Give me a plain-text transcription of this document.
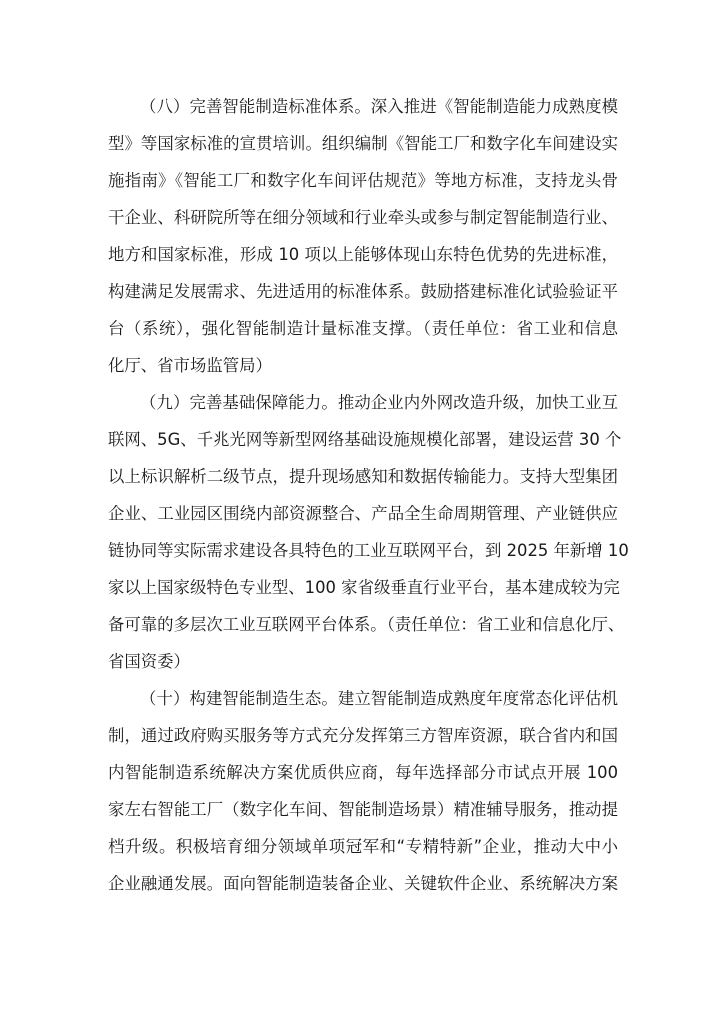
（八）完善智能制造标准体系。深入推进《智能制造能力成熟度模
型》等国家标准的宣贯培训。组织编制《智能工厂和数字化车间建设实
施指南》《智能工厂和数字化车间评估规范》等地方标准，支持龙头骨
干企业、科研院所等在细分领域和行业牵头或参与制定智能制造行业、
地方和国家标准，形成 10 项以上能够体现山东特色优势的先进标准，
构建满足发展需求、先进适用的标准体系。鼓励搭建标准化试验验证平
台（系统），强化智能制造计量标准支撑。（责任单位：省工业和信息
化厅、省市场监管局）
（九）完善基础保障能力。推动企业内外网改造升级，加快工业互
联网、5G、千兆光网等新型网络基础设施规模化部署，建设运营 30 个
以上标识解析二级节点，提升现场感知和数据传输能力。支持大型集团
企业、工业园区围绕内部资源整合、产品全生命周期管理、产业链供应
链协同等实际需求建设各具特色的工业互联网平台，到 2025 年新增 10
家以上国家级特色专业型、100 家省级垂直行业平台，基本建成较为完
备可靠的多层次工业互联网平台体系。（责任单位：省工业和信息化厅、
省国资委）
（十）构建智能制造生态。建立智能制造成熟度年度常态化评估机
制，通过政府购买服务等方式充分发挥第三方智库资源，联合省内和国
内智能制造系统解决方案优质供应商，每年选择部分市试点开展 100
家左右智能工厂（数字化车间、智能制造场景）精准辅导服务，推动提
档升级。积极培育细分领域单项冠军和“专精特新”企业，推动大中小
企业融通发展。面向智能制造装备企业、关键软件企业、系统解决方案
